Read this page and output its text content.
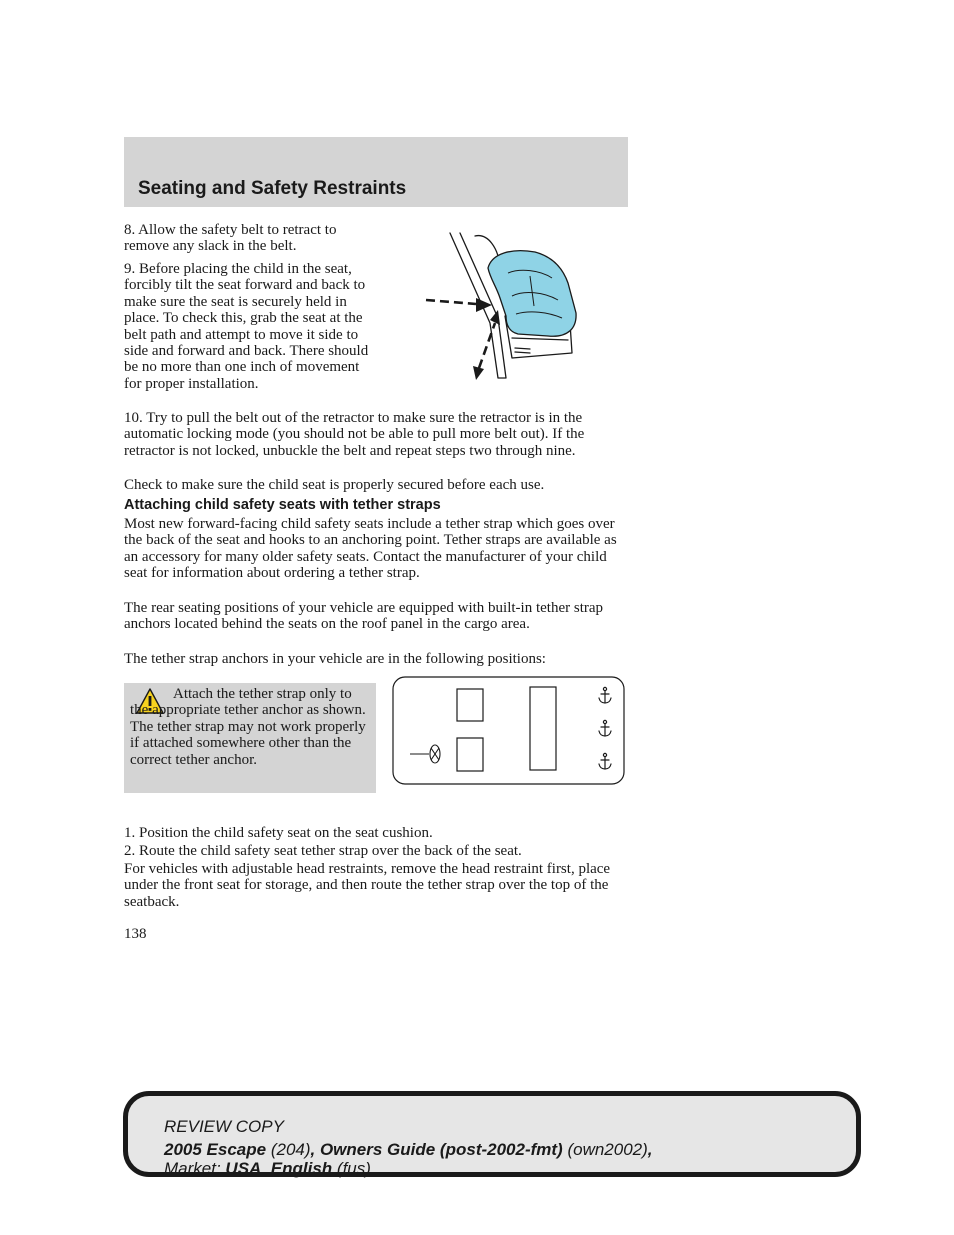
Seating and Safety Restraints

8. Allow the safety belt to retract to remove any slack in the belt.

9. Before placing the child in the seat, forcibly tilt the seat forward and back to make sure the seat is securely held in place. To check this, grab the seat at the belt path and attempt to move it side to side and forward and back. There should be no more than one inch of movement for proper installation.

10. Try to pull the belt out of the retractor to make sure the retractor is in the automatic locking mode (you should not be able to pull more belt out). If the retractor is not locked, unbuckle the belt and repeat steps two through nine.

Check to make sure the child seat is properly secured before each use.

Attaching child safety seats with tether straps

Most new forward-facing child safety seats include a tether strap which goes over the back of the seat and hooks to an anchoring point. Tether straps are available as an accessory for many older safety seats. Contact the manufacturer of your child seat for information about ordering a tether strap.

The rear seating positions of your vehicle are equipped with built-in tether strap anchors located behind the seats on the roof panel in the cargo area.

The tether strap anchors in your vehicle are in the following positions:

Attach the tether strap only to the appropriate tether anchor as shown. The tether strap may not work properly if attached somewhere other than the correct tether anchor.

1. Position the child safety seat on the seat cushion.

2. Route the child safety seat tether strap over the back of the seat.

For vehicles with adjustable head restraints, remove the head restraint first, place under the front seat for storage, and then route the tether strap over the top of the seatback.

138

REVIEW COPY

2005 Escape (204), Owners Guide (post-2002-fmt) (own2002),

Market: USA_English (fus)
